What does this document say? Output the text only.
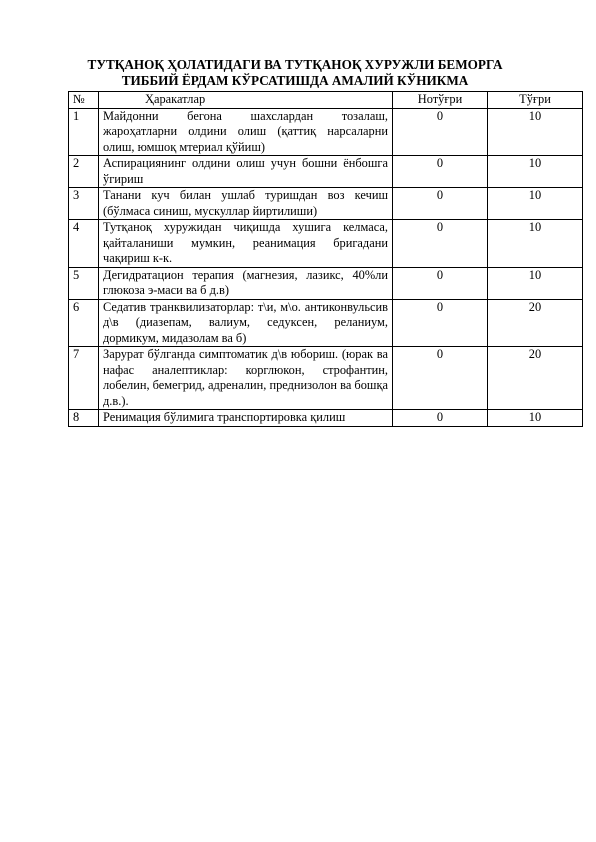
ТУТҚАНОҚ ҲОЛАТИДАГИ ВА ТУТҚАНОҚ ХУРУЖЛИ БЕМОРГА
ТИББИЙ ЁРДАМ КЎРСАТИШДА АМАЛИЙ КЎНИКМА
№	Ҳаракатлар	Нотўғри	Тўғри
1	Майдонни бегона шахслардан тозалаш, жароҳатларни олдини олиш (қаттиқ нарсаларни олиш, юмшоқ мтериал қўйиш)	0	10
2	Аспирациянинг олдини олиш учун бошни ёнбошга ўгириш	0	10
3	Танани куч билан ушлаб туришдан воз кечиш (бўлмаса синиш, мускуллар йиртилиши)	0	10
4	Тутқаноқ хуружидан чиқишда хушига келмаса, қайталаниши мумкин, реанимация бригадани чақириш к-к.	0	10
5	Дегидратацион терапия (магнезия, лазикс, 40%ли глюкоза э-маси ва б д.в)	0	10
6	Седатив транквилизаторлар: т\и, м\о. антиконвульсив д\в (диазепам, валиум, седуксен, реланиум, дормикум, мидазолам ва б)	0	20
7	Зарурат бўлганда симптоматик д\в юбориш. (юрак ва нафас аналептиклар: корглюкон, строфантин, лобелин, бемегрид, адреналин, преднизолон ва бошқа д.в.).	0	20
8	Ренимация бўлимига транспортировка қилиш	0	10
